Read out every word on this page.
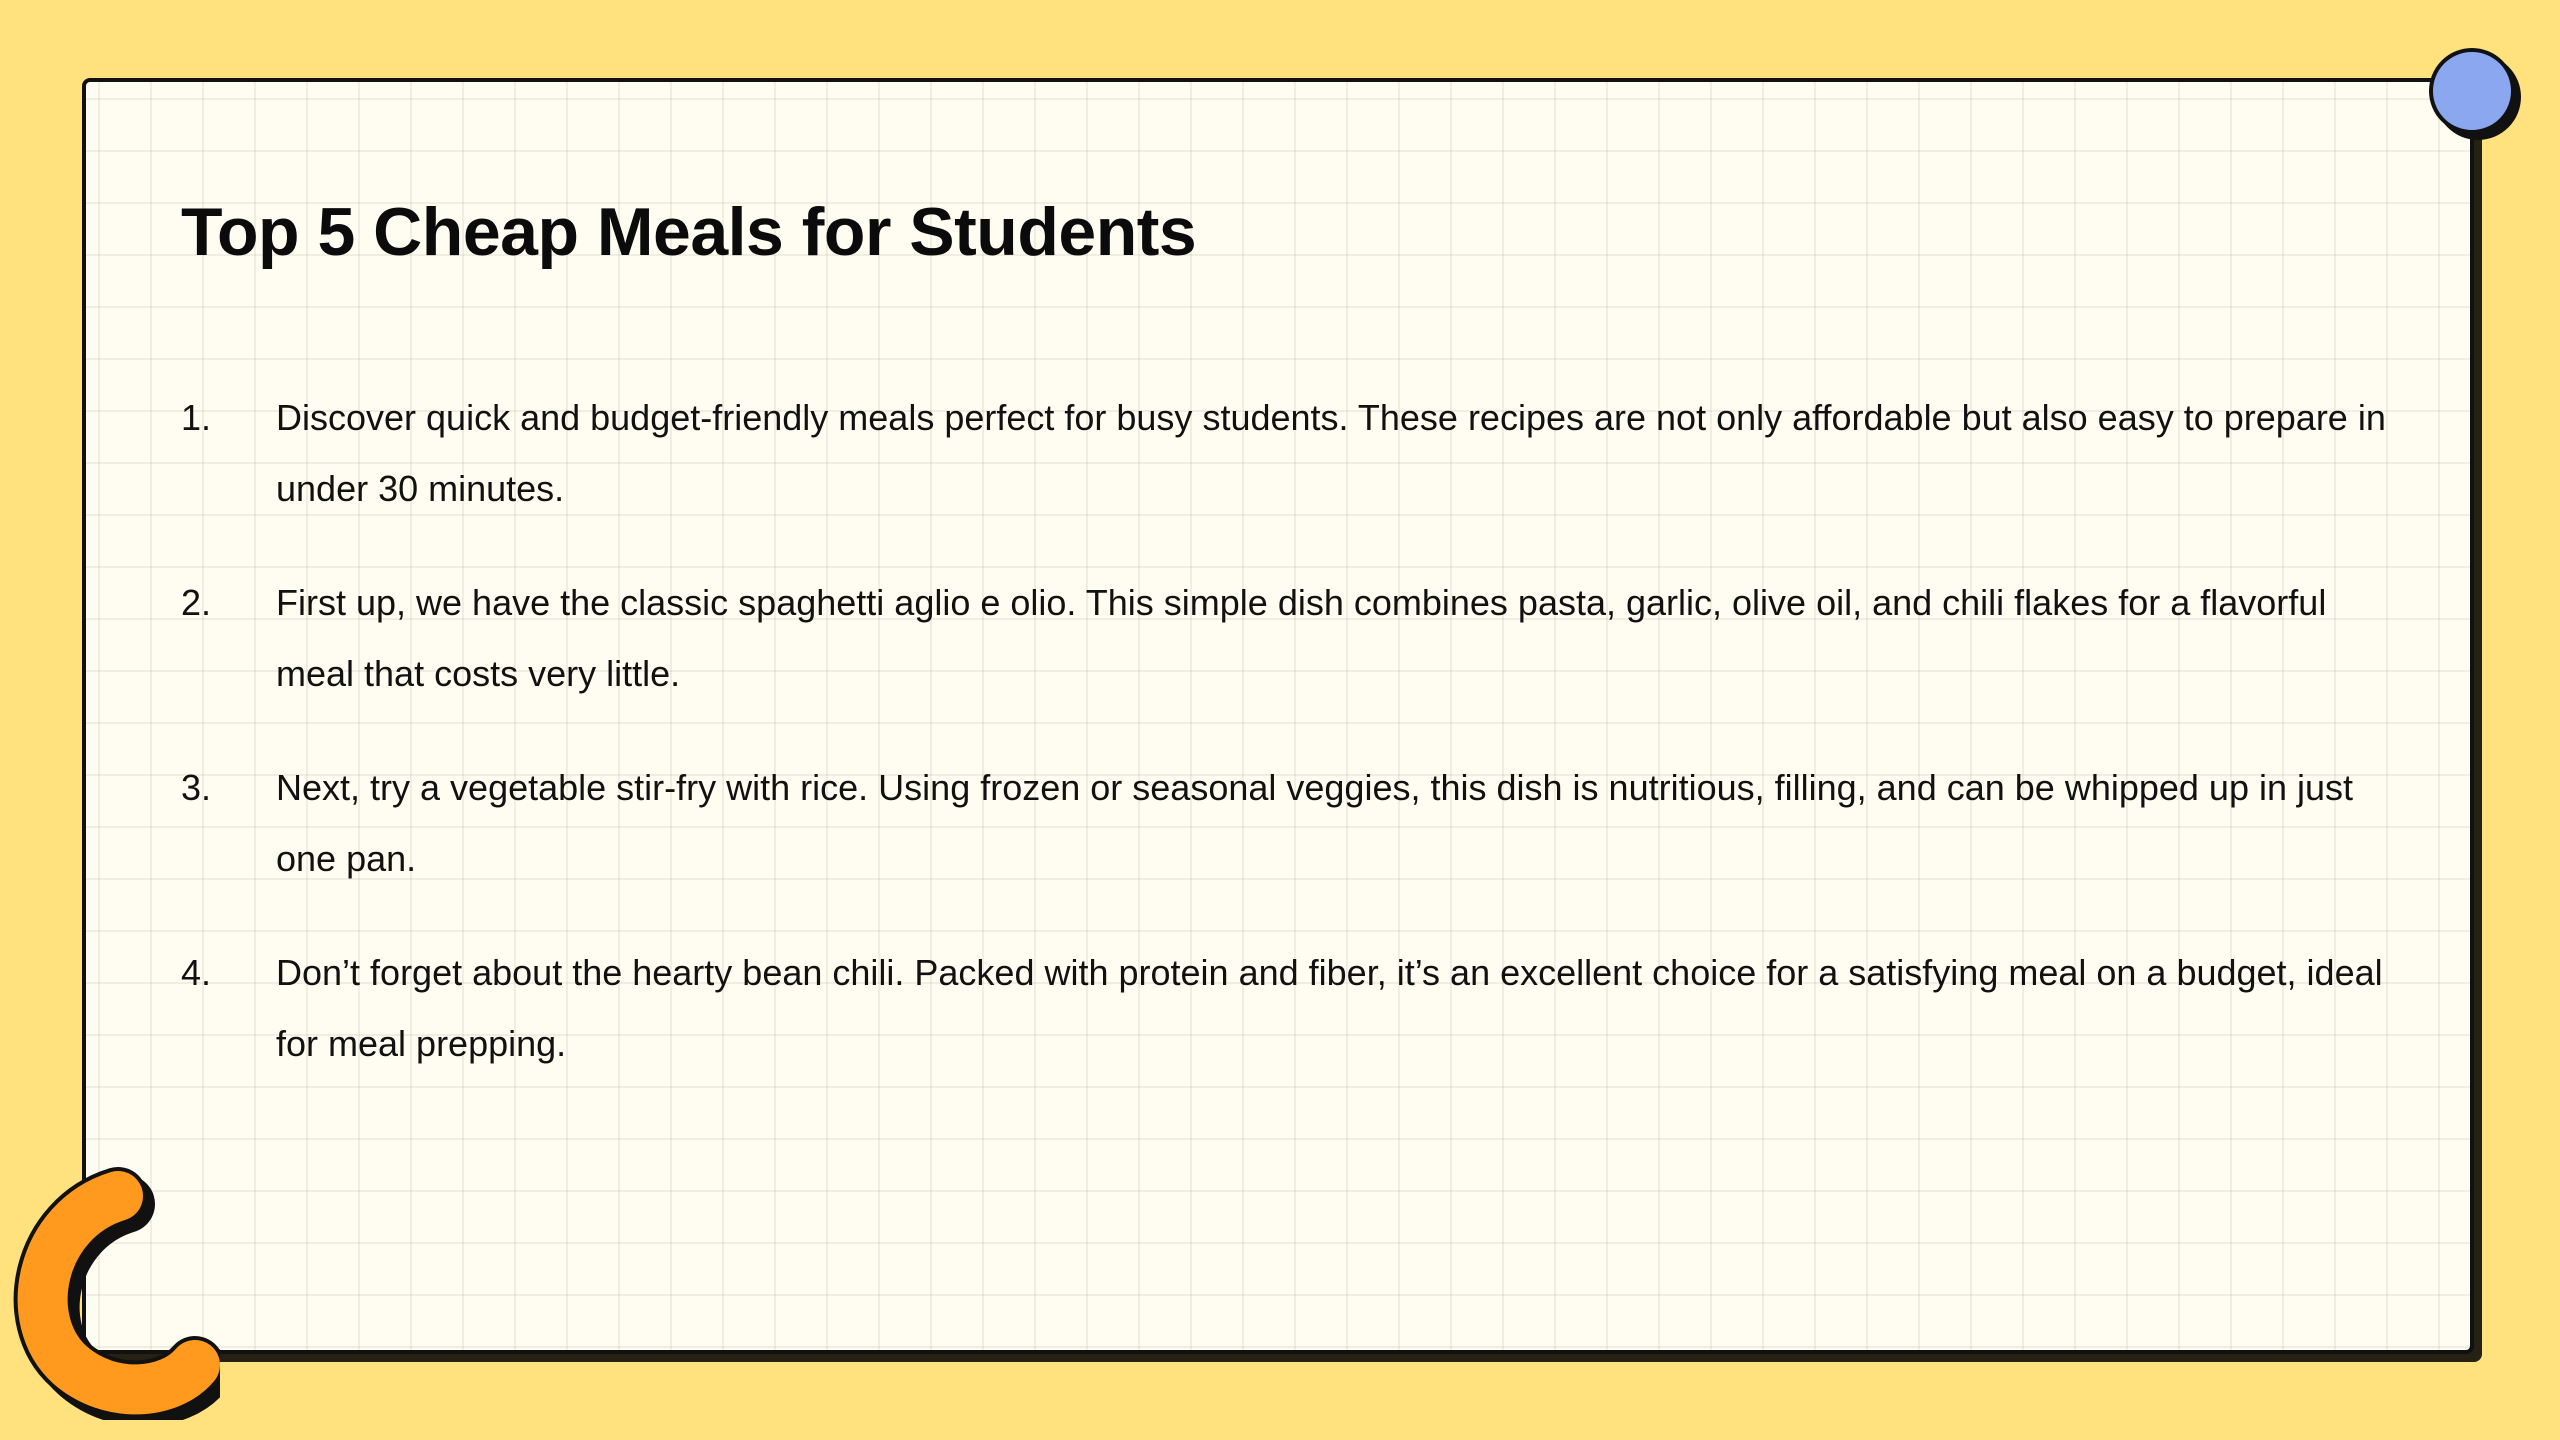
Top 5 Cheap Meals for Students
1.	Discover quick and budget-friendly meals perfect for busy students. These recipes are not only affordable but also easy to prepare in under 30 minutes.
2.	First up, we have the classic spaghetti aglio e olio. This simple dish combines pasta, garlic, olive oil, and chili flakes for a flavorful meal that costs very little.
3.	Next, try a vegetable stir-fry with rice. Using frozen or seasonal veggies, this dish is nutritious, filling, and can be whipped up in just one pan.
4.	Don’t forget about the hearty bean chili. Packed with protein and fiber, it’s an excellent choice for a satisfying meal on a budget, ideal for meal prepping.
